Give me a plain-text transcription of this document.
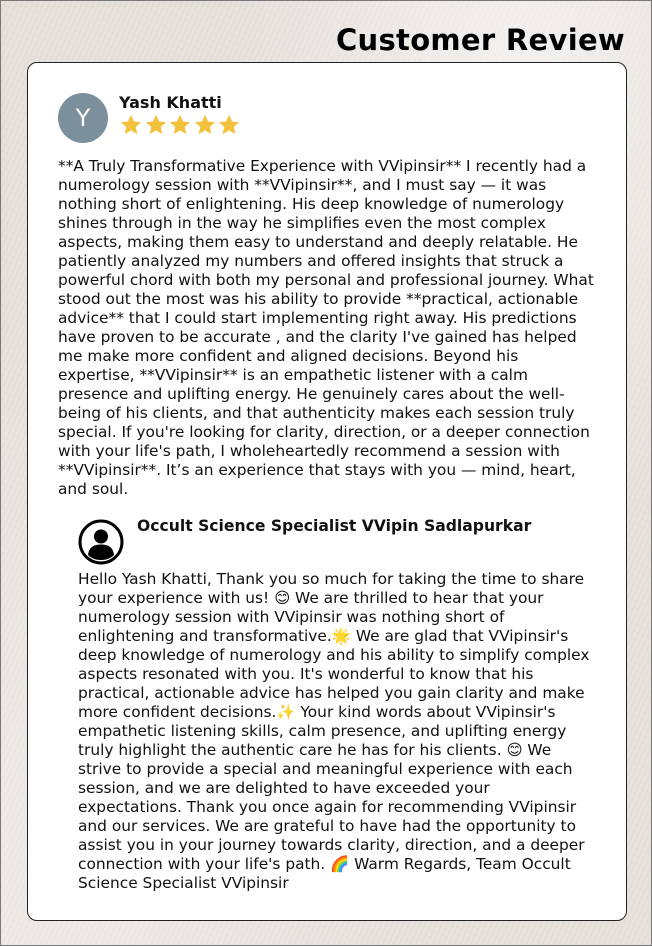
Customer Review
Y
Yash Khatti
**A Truly Transformative Experience with VVipinsir** I recently had a numerology session with **VVipinsir**, and I must say — it was nothing short of enlightening. His deep knowledge of numerology shines through in the way he simplifies even the most complex aspects, making them easy to understand and deeply relatable. He patiently analyzed my numbers and offered insights that struck a powerful chord with both my personal and professional journey. What stood out the most was his ability to provide **practical, actionable advice** that I could start implementing right away. His predictions have proven to be accurate , and the clarity I've gained has helped me make more confident and aligned decisions. Beyond his expertise, **VVipinsir** is an empathetic listener with a calm presence and uplifting energy. He genuinely cares about the well-being of his clients, and that authenticity makes each session truly special. If you're looking for clarity, direction, or a deeper connection with your life's path, I wholeheartedly recommend a session with **VVipinsir**. It’s an experience that stays with you — mind, heart, and soul.
Occult Science Specialist VVipin Sadlapurkar
Hello Yash Khatti, Thank you so much for taking the time to share your experience with us! 😊 We are thrilled to hear that your numerology session with VVipinsir was nothing short of enlightening and transformative.🌟 We are glad that VVipinsir's deep knowledge of numerology and his ability to simplify complex aspects resonated with you. It's wonderful to know that his practical, actionable advice has helped you gain clarity and make more confident decisions.✨ Your kind words about VVipinsir's empathetic listening skills, calm presence, and uplifting energy truly highlight the authentic care he has for his clients. 😊 We strive to provide a special and meaningful experience with each session, and we are delighted to have exceeded your expectations. Thank you once again for recommending VVipinsir and our services. We are grateful to have had the opportunity to assist you in your journey towards clarity, direction, and a deeper connection with your life's path. 🌈 Warm Regards, Team Occult Science Specialist VVipinsir
